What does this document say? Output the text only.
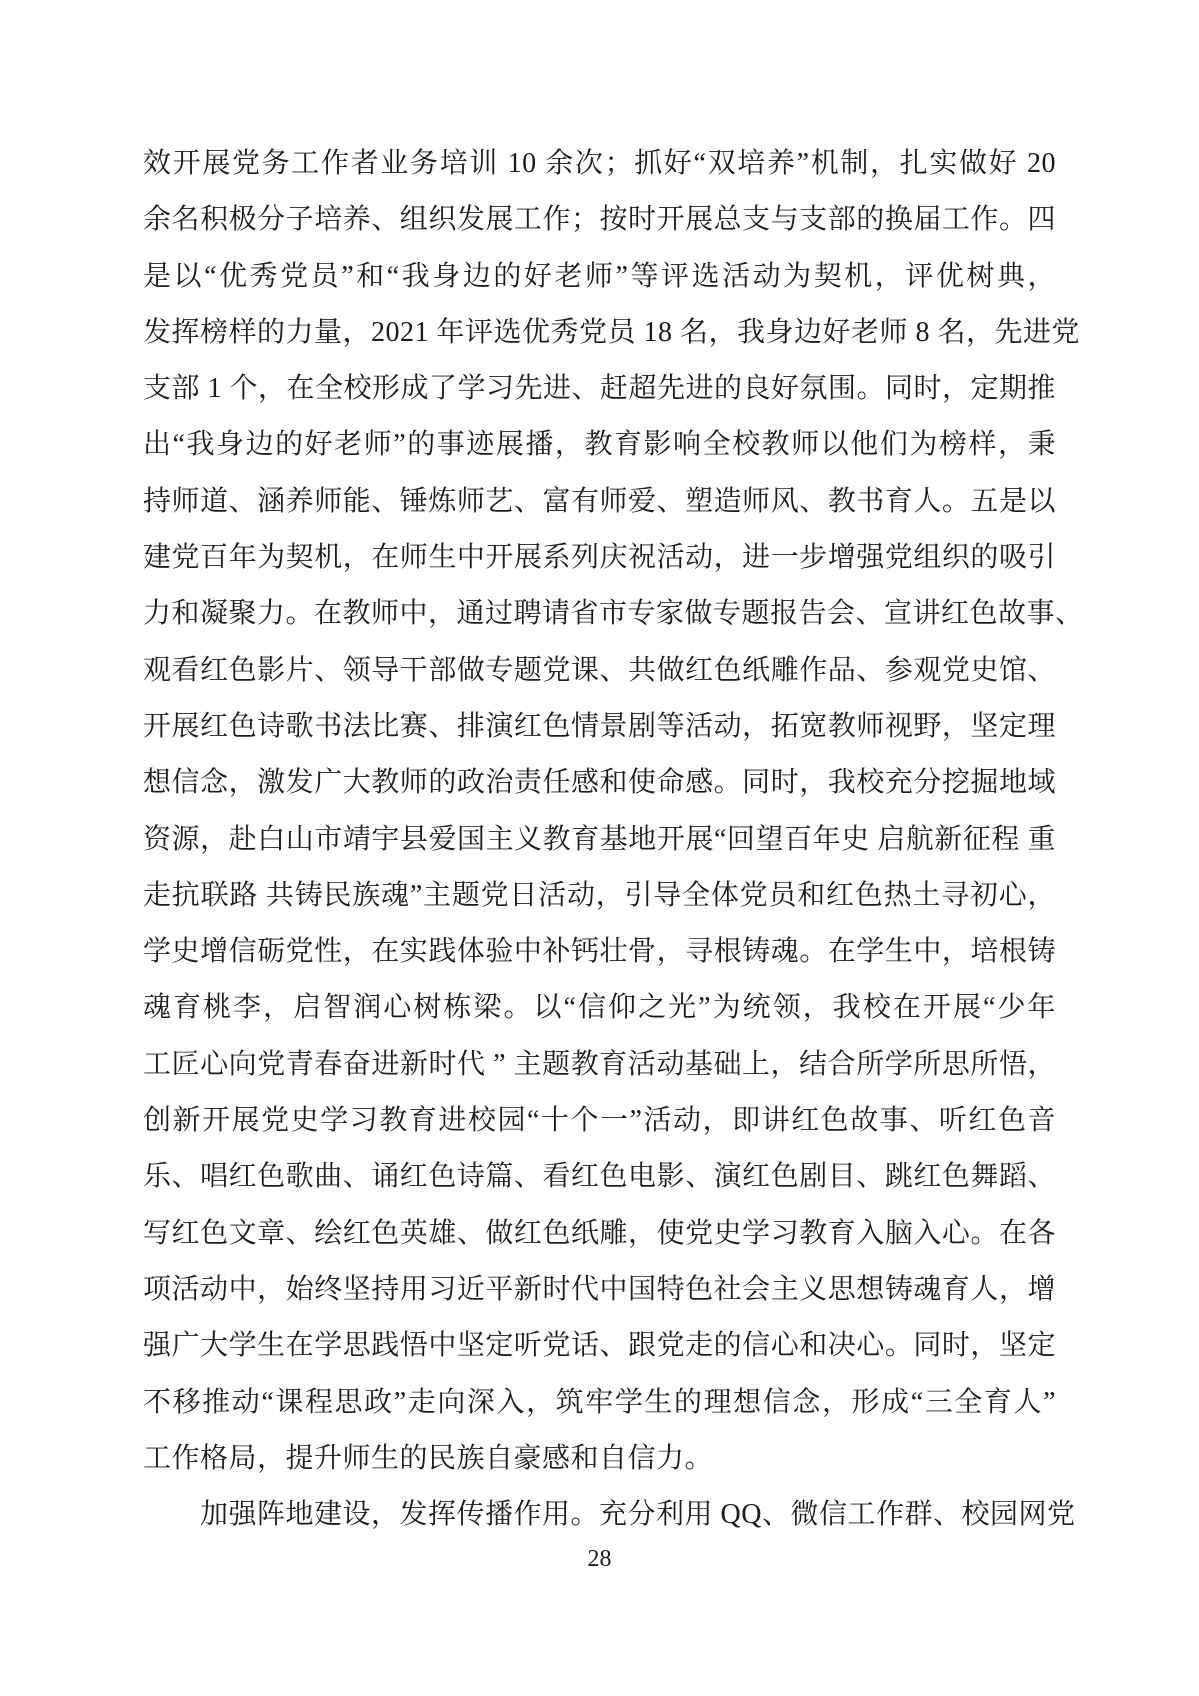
效开展党务工作者业务培训 10 余次；抓好“双培养”机制，扎实做好 20
余名积极分子培养、组织发展工作；按时开展总支与支部的换届工作。四
是以“优秀党员”和“我身边的好老师”等评选活动为契机，评优树典，
发挥榜样的力量，2021 年评选优秀党员 18 名，我身边好老师 8 名，先进党
支部 1 个，在全校形成了学习先进、赶超先进的良好氛围。同时，定期推
出“我身边的好老师”的事迹展播，教育影响全校教师以他们为榜样，秉
持师道、涵养师能、锤炼师艺、富有师爱、塑造师风、教书育人。五是以
建党百年为契机，在师生中开展系列庆祝活动，进一步增强党组织的吸引
力和凝聚力。在教师中，通过聘请省市专家做专题报告会、宣讲红色故事、
观看红色影片、领导干部做专题党课、共做红色纸雕作品、参观党史馆、
开展红色诗歌书法比赛、排演红色情景剧等活动，拓宽教师视野，坚定理
想信念，激发广大教师的政治责任感和使命感。同时，我校充分挖掘地域
资源，赴白山市靖宇县爱国主义教育基地开展“回望百年史 启航新征程 重
走抗联路 共铸民族魂”主题党日活动，引导全体党员和红色热土寻初心，
学史增信砺党性，在实践体验中补钙壮骨，寻根铸魂。在学生中，培根铸
魂育桃李，启智润心树栋梁。以“信仰之光”为统领，我校在开展“少年
工匠心向党青春奋进新时代 ” 主题教育活动基础上，结合所学所思所悟，
创新开展党史学习教育进校园“十个一”活动，即讲红色故事、听红色音
乐、唱红色歌曲、诵红色诗篇、看红色电影、演红色剧目、跳红色舞蹈、
写红色文章、绘红色英雄、做红色纸雕，使党史学习教育入脑入心。在各
项活动中，始终坚持用习近平新时代中国特色社会主义思想铸魂育人，增
强广大学生在学思践悟中坚定听党话、跟党走的信心和决心。同时，坚定
不移推动“课程思政”走向深入，筑牢学生的理想信念，形成“三全育人”
工作格局，提升师生的民族自豪感和自信力。
　　加强阵地建设，发挥传播作用。充分利用 QQ、微信工作群、校园网党
28
